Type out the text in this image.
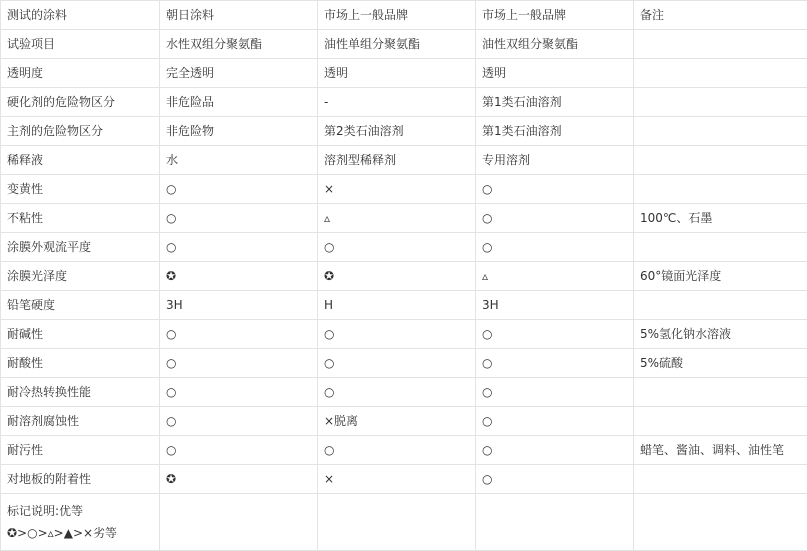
测试的涂料	朝日涂料	市场上一般品牌	市场上一般品牌	备注
试验项目	水性双组分聚氨酯	油性单组分聚氨酯	油性双组分聚氨酯	
透明度	完全透明	透明	透明	
硬化剂的危险物区分	非危险品	-	第1类石油溶剂	
主剂的危险物区分	非危险物	第2类石油溶剂	第1类石油溶剂	
稀释液	水	溶剂型稀释剂	专用溶剂	
变黄性	○	×	○	
不粘性	○	▵	○	100℃、石墨
涂膜外观流平度	○	○	○	
涂膜光泽度	✪	✪	▵	60°镜面光泽度
铅笔硬度	3H	H	3H	
耐碱性	○	○	○	5%氢化钠水溶液
耐酸性	○	○	○	5%硫酸
耐冷热转换性能	○	○	○	
耐溶剂腐蚀性	○	×脱离	○	
耐污性	○	○	○	蜡笔、酱油、调料、油性笔
对地板的附着性	✪	×	○	
标记说明:优等 ✪>○>▵>▲>×劣等				
